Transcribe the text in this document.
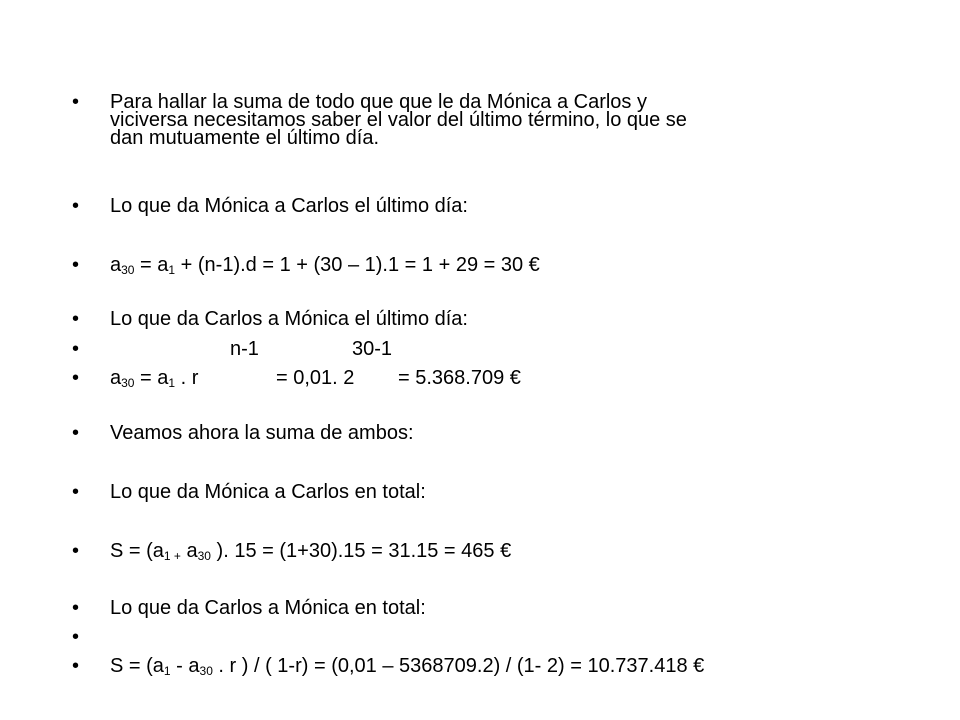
Para hallar la suma de todo que que le da Mónica a Carlos y
viciversa necesitamos saber el valor del último término, lo que se
dan mutuamente el último día.
Lo que da Mónica a Carlos el último día:
$a_{30} = a_1 + (n-1).d = 1 + (30 - 1).1 = 1 + 29 = 30$ €
Lo que da Carlos a Mónica el último día:
n-1	30-1
$a_{30} = a_1$ . r	= 0,01. 2 = 5.368.709 €
Veamos ahora la suma de ambos:
Lo que da Mónica a Carlos en total:
$S = (a_{1 +}$ $a_{30}$ ). 15 = (1+30).15 = 31.15 = 465 €
Lo que da Carlos a Mónica en total:
$S = (a_1 - a_{30}$ . r ) / ( 1-r) = (0,01 – 5368709.2) / (1- 2) = 10.737.418 €
